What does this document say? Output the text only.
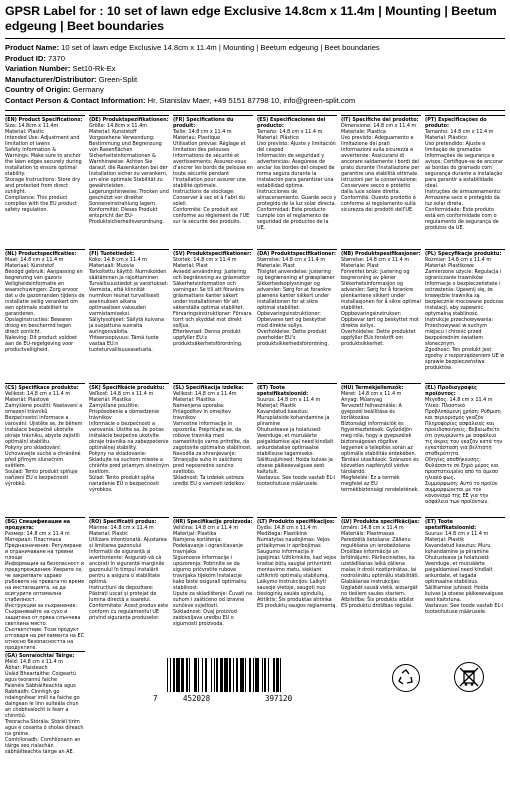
GPSR Label for : 10 set of lawn edge Exclusive 14.8cm x 11.4m | Mounting | Beetum edgeung | Beet boundaries
Product Name: 10 set of lawn edge Exclusive 14.8cm x 11.4m | Mounting | Beetum edgeung | Beet boundaries
Product ID: 7370
Variation Number: Set10-Rk-Ex
Manufacturer/Distributor: Green-Split
Country of Origin: Germany
Contact Person & Contact Information: Hr. Stanislav Maer, +49 5151 87798 10, info@green-split.com
(EN) Product Specifications:

Size: 14.8cm x 11.4m
Material: Plastic
Intended Use: Adjustment and limitation of lawns
Safety Information &
Warnings: Make sure to anchor the lawn edges securely during installation to ensure optimal stability.
Storage Instructions: Store dry and protected from direct sunlight.
Compliance: This product complies with the EU product safety regulation.

(DE) Produktspezifikationen:

Größe: 14.8cm x 11.4m
Material: Kunststoff
Vorgesehene Verwendung: Bestimmung und Begrenzung von Rasenflächen
Sicherheitsinformationen & Warnhinweise: Achten Sie darauf, die Rasenkanten bei der Installation sicher zu verankern, um eine optimale Stabilität zu gewährleisten.
Lagerungshinweise: Trocken und geschützt vor direkter Sonneneinstrahlung lagern.
Konformität: Dieses Produkt entspricht der EU-Produktsicherheitsverordnung.

(FR) Spécifications du produit:

Taille: 14.8 cm x 11.4 m
Matériau: Plastique
Utilisation prévue: Réglage et limitation des pelouses
Informations de sécurité et avertissements: Assurez-vous d'ancrer les bords de pelouse en toute sécurité pendant l'installation pour assurer une stabilité optimale.
Instructions de stockage: Conserver à sec et à l'abri du soleil.
Conformité: Ce produit est conforme au règlement de l'UE sur la sécurité des produits.

(ES) Especificaciones del producto:

Tamaño: 14.8 cm x 11.4 m
Material: Plástico
Uso previsto: Ajuste y limitación del césped
Información de seguridad y advertencias: Asegúrese de anclar los bordes del césped de forma segura durante la instalación para garantizar una estabilidad óptima.
Instrucciones de almacenamiento: Guarde seco y protegido de la luz solar directa.
Conformidad: Este producto cumple con el reglamento de seguridad de productos de la UE.

(IT) Specifiche del prodotto:

Dimensione: 14.8 cm x 11.4 m
Materiale: Plastica
Uso previsto: Adeguamento e limitazione dei prati
Informazioni sulla sicurezza e avvertenze: Assicurarsi di ancorare saldamente i bordi del prato durante l'installazione per garantire una stabilità ottimale.
Istruzioni per la conservazione: Conservare secco e protetto dalla luce solare diretta.
Conformità: Questo prodotto è conforme al regolamento sulla sicurezza dei prodotti dell'UE.

(PT) Especificações do produto:

Tamanho: 14.8 cm x 11.4 m
Material: Plástico
Uso pretendido: Ajuste e limitação de gramados
Informações de segurança e avisos: Certifique-se de ancorar as bordas do gramado com segurança durante a instalação para garantir a estabilidade ideal.
Instruções de armazenamento: Armazene seco e protegido da luz solar direta.
Conformidade: Este produto está em conformidade com o regulamento de segurança de produtos da UE.

(NL) Productspecificaties:

Maat: 14.8 cm x 11.4 m
Materiaal: Kunststof
Beoogd gebruik: Aanpassing en begrenzing van gazons
Veiligheidsinformatie en waarschuwingen: Zorg ervoor dat u de gazonranden tijdens de installatie veilig verankert om een optimale stabiliteit te garanderen.
Opslaginstructies: Bewaren droog en beschermd tegen direct zonlicht.
Naleving: Dit product voldoet aan de EU-regelgeving voor productveiligheid.

(FI) Tuotetiedot:

Koko: 14.8 cm x 11.4 m
Materiaali: Muovia
Tarkoitettu käyttö: Nurmikoiden säätäminen ja rajoittaminen
Turvallisuustiedot ja varoitukset: Varmista, että kiinnität nurmikon reunat turvallisesti asennuksen aikana optimaalisen vakauden varmistamiseksi.
Säilytysohjeet: Säilytä kuivana ja suojattuna suoralta auringonvalolta.
Yhteensopivuus: Tämä tuote vastaa EU:n tuoteturvallisuusasetusta.

(SV) Produktspecifikationer:

Storlek: 14.8 cm x 11.4 m
Material: Plast
Avsedd användning: Justering och begränsning av gräsmattor
Säkerhetsinformation och varningar: Se till att förankra gräsmattans kanter säkert under installationen för att säkerställa optimal stabilitet.
Förvaringsinstruktioner: Förvara torrt och skyddat mot direkt solljus.
Efterlevnad: Denna produkt uppfyller EU:s produktsäkerhetsförordning.

(DA) Produktspecifikationer:

Størrelse: 14.8 cm x 11.4 m
Materiale: Plast
Tilsigtet anvendelse: Justering og begrænsning af græsplæner
Sikkerhedsoplysninger og advarsler: Sørg for at forankre plænens kanter sikkert under installationen for at sikre optimal stabilitet.
Opbevaringsinstruktioner: Opbevares tørt og beskyttet mod direkte sollys.
Overholdelse: Dette produkt overholder EU's produktsikkerhedsforordning.

(NB) Produktspesifikasjoner:

Størrelse: 14.8 cm x 11.4 m
Materiale: Plast
Forventet bruk: Justering og begrensning av plener
Sikkerhetsinformasjon og advarsler: Sørg for å forankre plenkantene sikkert under installasjonen for å sikre optimal stabilitet.
Oppbevaringsinstrukser: Oppbevar tørt og beskyttet mot direkte sollys.
Overholdelse: Dette produktet oppfyller EUs forskrift om produktsikkerhet.

(PL) Specyfikacje produktu:

Rozmiar: 14.8 cm x 11.4 m
Materiał: Plastikowe
Zamierzone użycie: Regulacja i ograniczanie trawników
Informacje o bezpieczeństwie i ostrzeżenia: Upewnij się, że krawędzie trawnika są bezpiecznie mocowane podczas instalacji, aby zapewnić optymalną stabilność.
Instrukcje przechowywania: Przechowywać w suchym miejscu i chronić przed bezpośrednim światłem słonecznym.
Zgodność: Ten produkt jest zgodny z rozporządzeniem UE w sprawie bezpieczeństwa produktów.

(CS) Specifikace produktu:

Velikost: 14.8 cm x 11.4 m
Materiál: Plastové
Zamýšlené použití: Nastavení a omezení trávníků
Bezpečnostní informace a varování: Ujistěte se, že během instalace bezpečně ukotvíte okraje trávníku, abyste zajistili optimální stabilitu.
Pokyny pro skladování: Uchovávejte suché a chráněné před přímým slunečním světlem.
Soulad: Tento produkt splňuje nařízení EU o bezpečnosti výrobků.

(SK) Špecifikácie produktu:

Veľkosť: 14.8 cm x 11.4 m
Materiál: Plastika
Zamýšľané použitie: Prispôsobenie a obmedzenie trávnikov
Informácie o bezpečnosti a varovania: Uistite sa, že počas inštalácie bezpečne ukotvíte okraje trávnika na zabezpečenie optimálnej stability.
Pokyny na skladovanie: Skladujte na suchom mieste a chráňte pred priamym slnečným svetlom.
Súlad: Tento produkt spĺňa nariadenie EÚ o bezpečnosti výrobkov.

(SL) Specifikacija izdelka:

Velikost: 14.8 cm x 11.4m
Material: Plastika
Namenjena uporaba: Prilagoditev in omejitev travnikov
Varnostne informacije in opozorila: Prepričajte se, da robove travnika med namestitvijo varno pritrdite, da zagotovite optimalno stabilnost.
Navodila za shranjevanje: Shranjujte suho in zaščiteno pred neposredno sončno svetlobo.
Skladnost: Ta izdelek ustreza uredbi EU o varnosti izdelkov.

(ET) Toote spetsifikatsioonid:

Suurus: 14.8 cm x 11.4 m
Materjal: Plastik
Kavandatud kasutus: Muruplatside kohandamine ja piiramine
Ohutusteave ja hoiatused: Veenduge, et muruäärte paigaldamise ajal need kindlalt ankurdatakse optimaalse stabiilsuse tagamiseks.
Säilitusjuhised: Hoida kuivas ja otsese päikesevalguse eest kaitstult.
Vastavus: See toode vastab EL-i tooteohutuse määrusele.

(HU) Termékjellemzők:

Méret: 14.8 cm x 11.4 m
Anyag: Műanyag
Tervezett felhasználás: A gyepszél beállítása és korlátozása
Biztonsági információk és figyelmeztetések: Győződjön meg róla, hogy a gyepszélek biztonságosan rögzítve legyenek a telepítés során az optimális stabilitás érdekében.
Tárolási utasítások: Szárazon és közvetlen napfénytől védve tárolandó.
Megfelelés: Ez a termék megfelel az EU termékbiztonsági rendeletének.

(EL) Προδιαγραφές προϊόντος:

Μέγεθος: 14.8 cm x 11.4 m
Υλικό: Πλαστικό
Προβλεπόμενη χρήση: Ρύθμιση και περιορισμός γκαζόν
Πληροφορίες ασφάλειας και προειδοποιήσεις: Βεβαιωθείτε ότι αγκυρώνετε με ασφάλεια τις άκρες του γκαζόν κατά την εγκατάσταση για βέλτιστη σταθερότητα.
Οδηγίες αποθήκευσης: Φυλάσσετε σε ξηρό μέρος και προστατευμένο από το άμεσο ηλιακό φως.
Συμμόρφωση: Αυτό το προϊόν συμμορφώνεται με τον κανονισμό της ΕΕ για την ασφάλεια των προϊόντων.

(BG) Спецификации на продукта:

Размер: 14.8 cm x 11.4 m
Материал: Пластмаса
Предназначение: Регулиране и ограничаване на тревни площи
Информация за безопасност и предупреждения: Уверете се, че закрепвате здраво ръбовете на тревата по време на инсталацията, за да осигурите оптимална стабилност.
Инструкции за съхранение: Съхранявайте на сухо и защитено от пряка слънчева светлина място.
Съответствие: Този продукт отговаря на регламента на ЕС относно безопасността на продуктите.

(RO) Specificații produs:

Mărime: 14.8 cm x 11.4 m
Material: Plastic
Utilizare intenționată: Ajustarea și limitarea gazonului
Informații de siguranță și avertismente: Asigurați-vă că ancorați în siguranță marginile gazonului în timpul instalării pentru a asigura o stabilitate optimă.
Instrucțiuni de depozitare: Păstrați uscat și protejat de lumina directă a soarelui.
Conformitate: Acest produs este conform cu regulamentul UE privind siguranța produselor.

(HR) Specifikacije proizvoda:

Veličina: 14.8 cm x 11.4 m
Materijal: Plastika
Namjena korištenja: Podešavanje i ograničavanje travnjaka
Sigurnosne informacije i upozorenja: Pobrinite se da sigurno pričvrstite rubove travnjaka tijekom instalacije kako biste osigurali optimalnu stabilnost.
Upute za skladištenje: Čuvati na suhom i zaštićeno od izravne sunčeve svjetlosti.
Sukladnost: Ovaj proizvod zadovoljava uredbu EU o sigurnosti proizvoda.

(LT) Produkto specifikacijos:

Dydis: 14.8 cm x 11.4 m
Medžiaga: Plastikinė
Numatytas naudojimas: Vejos pritaikymas ir apribojimas
Saugumo informacija ir įspėjimai: Užtikrinkite, kad vejos kraštai būtų saugiai pritvirtinti montavimo metu, siekiant užtikrinti optimalų stabilumą.
Laikymo instrukcijos: Laikyti sausoje vietoje, saugoti nuo tiesioginių saulės spindulių.
Atitiktis: Šis produktas atitinka ES produktų saugos reglamentą.

(LV) Produkta specifikācijas:

Izmērs: 14.8 cm x 11.4 m
Materiāls: Plastmasas
Paredzētā lietošana: Zālienu regulēšana un ierobežošana
Drošības informācija un brīdinājumi: Pārliecinieties, ka uzstādīšanas laikā zāliena malas ir droši nostiprinātas, lai nodrošinātu optimālu stabilitāti.
Glabāšanas instrukcijas: Uzglabāt sausā vietā, aizsargāt no tiešiem saules stariem.
Atbilstība: Šis produkts atbilst ES produktu drošības regulai.

(ET) Toote spetsifikatsioonid:

Suurus: 14.8 cm x 11.4 m
Materjal: Plastik
Kavandatud kasutus: Muru kohandamine ja piiramine
Ohutusteave ja hoiatused: Veenduge, et muruäärte paigaldamisel need kindlalt ankurdate, et tagada optimaalne stabiilsus.
Säilitamise juhised: Hoida kuivas ja otsese päikesevalguse eest kaitstuna.
Vastavus: See toode vastab EL-i tooteohutuse määrusele.

(GA) Sonraíochtaí Táirge:

Méid: 14.8 cm x 11.4 m
Ábhar: Plaisteach
Úsáid Bheartaithe: Coigeartú agus teorannú faiche
Faisnéis Sábháilteachta agus Rabhaidh: Cinntigh go ndaingnítear imill na faiche go daingean le linn suiteála chun an chobhsaíocht is fearr a chinntiú.
Treoracha Stórála: Stóráil tirim agus é cosanta ó sholas díreach na gréine.
Comhlíonadh: Comhlíonann an táirge seo rialachán sábháilteachta táirge an AE.

7	452028	397120
